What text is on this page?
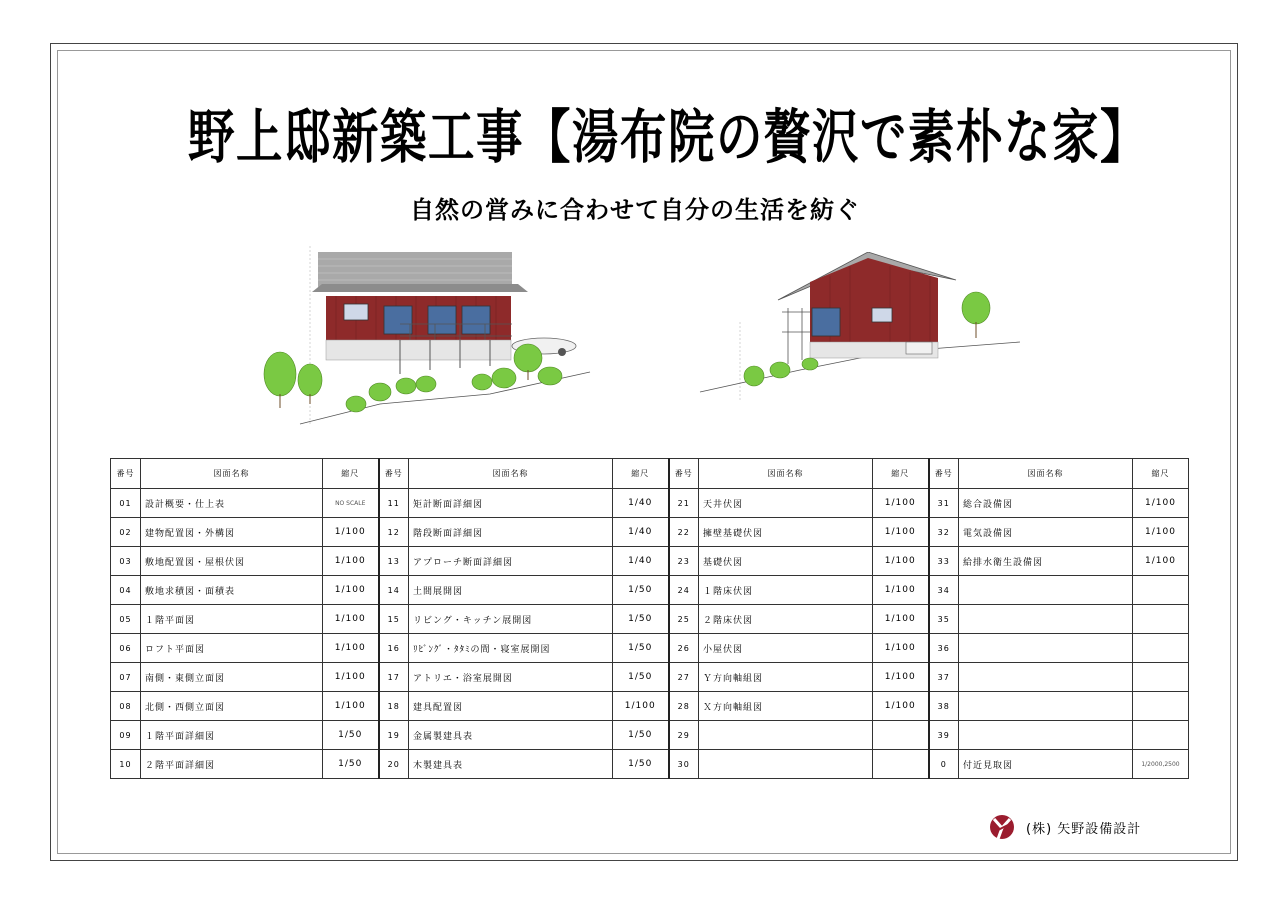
野上邸新築工事【湯布院の贅沢で素朴な家】
自然の営みに合わせて自分の生活を紡ぐ
番号	図面名称	縮尺	番号	図面名称	縮尺	番号	図面名称	縮尺	番号	図面名称	縮尺
01	設計概要・仕上表	NO SCALE	11	矩計断面詳細図	1/40	21	天井伏図	1/100	31	総合設備図	1/100
02	建物配置図・外構図	1/100	12	階段断面詳細図	1/40	22	擁壁基礎伏図	1/100	32	電気設備図	1/100
03	敷地配置図・屋根伏図	1/100	13	アプローチ断面詳細図	1/40	23	基礎伏図	1/100	33	給排水衛生設備図	1/100
04	敷地求積図・面積表	1/100	14	土間展開図	1/50	24	１階床伏図	1/100	34		
05	１階平面図	1/100	15	リビング・キッチン展開図	1/50	25	２階床伏図	1/100	35		
06	ロフト平面図	1/100	16	ﾘﾋﾞﾝｸﾞ・ﾀﾀﾐの間・寝室展開図	1/50	26	小屋伏図	1/100	36		
07	南側・東側立面図	1/100	17	アトリエ・浴室展開図	1/50	27	Ｙ方向軸組図	1/100	37		
08	北側・西側立面図	1/100	18	建具配置図	1/100	28	Ｘ方向軸組図	1/100	38		
09	１階平面詳細図	1/50	19	金属製建具表	1/50	29			39		
10	２階平面詳細図	1/50	20	木製建具表	1/50	30			0	付近見取図	1/2000,2500
(株) 矢野設備設計
